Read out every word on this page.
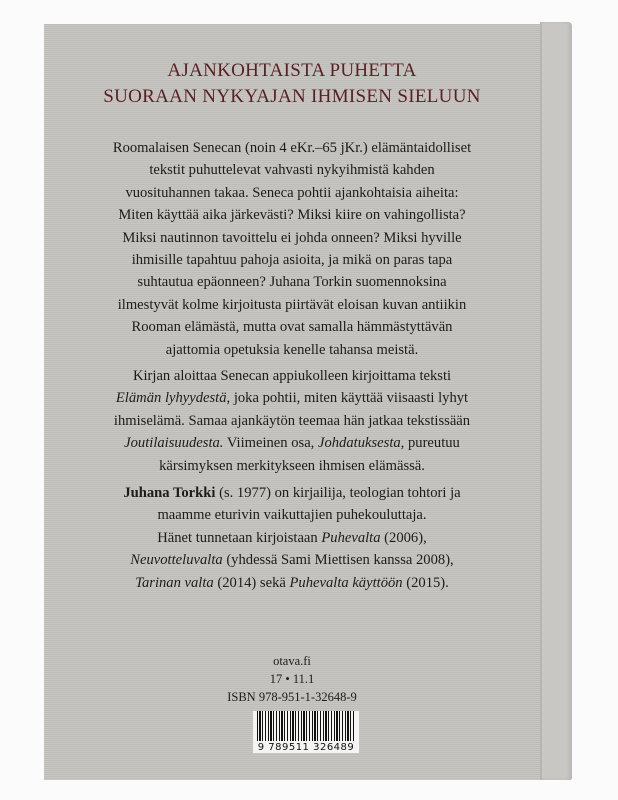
AJANKOHTAISTA PUHETTA
SUORAAN NYKYAJAN IHMISEN SIELUUN
Roomalaisen Senecan (noin 4 eKr.–65 jKr.) elämäntaidolliset
tekstit puhuttelevat vahvasti nykyihmistä kahden
vuosituhannen takaa. Seneca pohtii ajankohtaisia aiheita:
Miten käyttää aika järkevästi? Miksi kiire on vahingollista?
Miksi nautinnon tavoittelu ei johda onneen? Miksi hyville
ihmisille tapahtuu pahoja asioita, ja mikä on paras tapa
suhtautua epäonneen? Juhana Torkin suomennoksina
ilmestyvät kolme kirjoitusta piirtävät eloisan kuvan antiikin
Rooman elämästä, mutta ovat samalla hämmästyttävän
ajattomia opetuksia kenelle tahansa meistä.
Kirjan aloittaa Senecan appiukolleen kirjoittama teksti
Elämän lyhyydestä, joka pohtii, miten käyttää viisaasti lyhyt
ihmiselämä. Samaa ajankäytön teemaa hän jatkaa tekstissään
Joutilaisuudesta. Viimeinen osa, Johdatuksesta, pureutuu
kärsimyksen merkitykseen ihmisen elämässä.
Juhana Torkki (s. 1977) on kirjailija, teologian tohtori ja
maamme eturivin vaikuttajien puhekouluttaja.
Hänet tunnetaan kirjoistaan Puhevalta (2006),
Neuvotteluvalta (yhdessä Sami Miettisen kanssa 2008),
Tarinan valta (2014) sekä Puhevalta käyttöön (2015).
otava.fi
17 • 11.1
ISBN 978-951-1-32648-9
9 789511 326489
